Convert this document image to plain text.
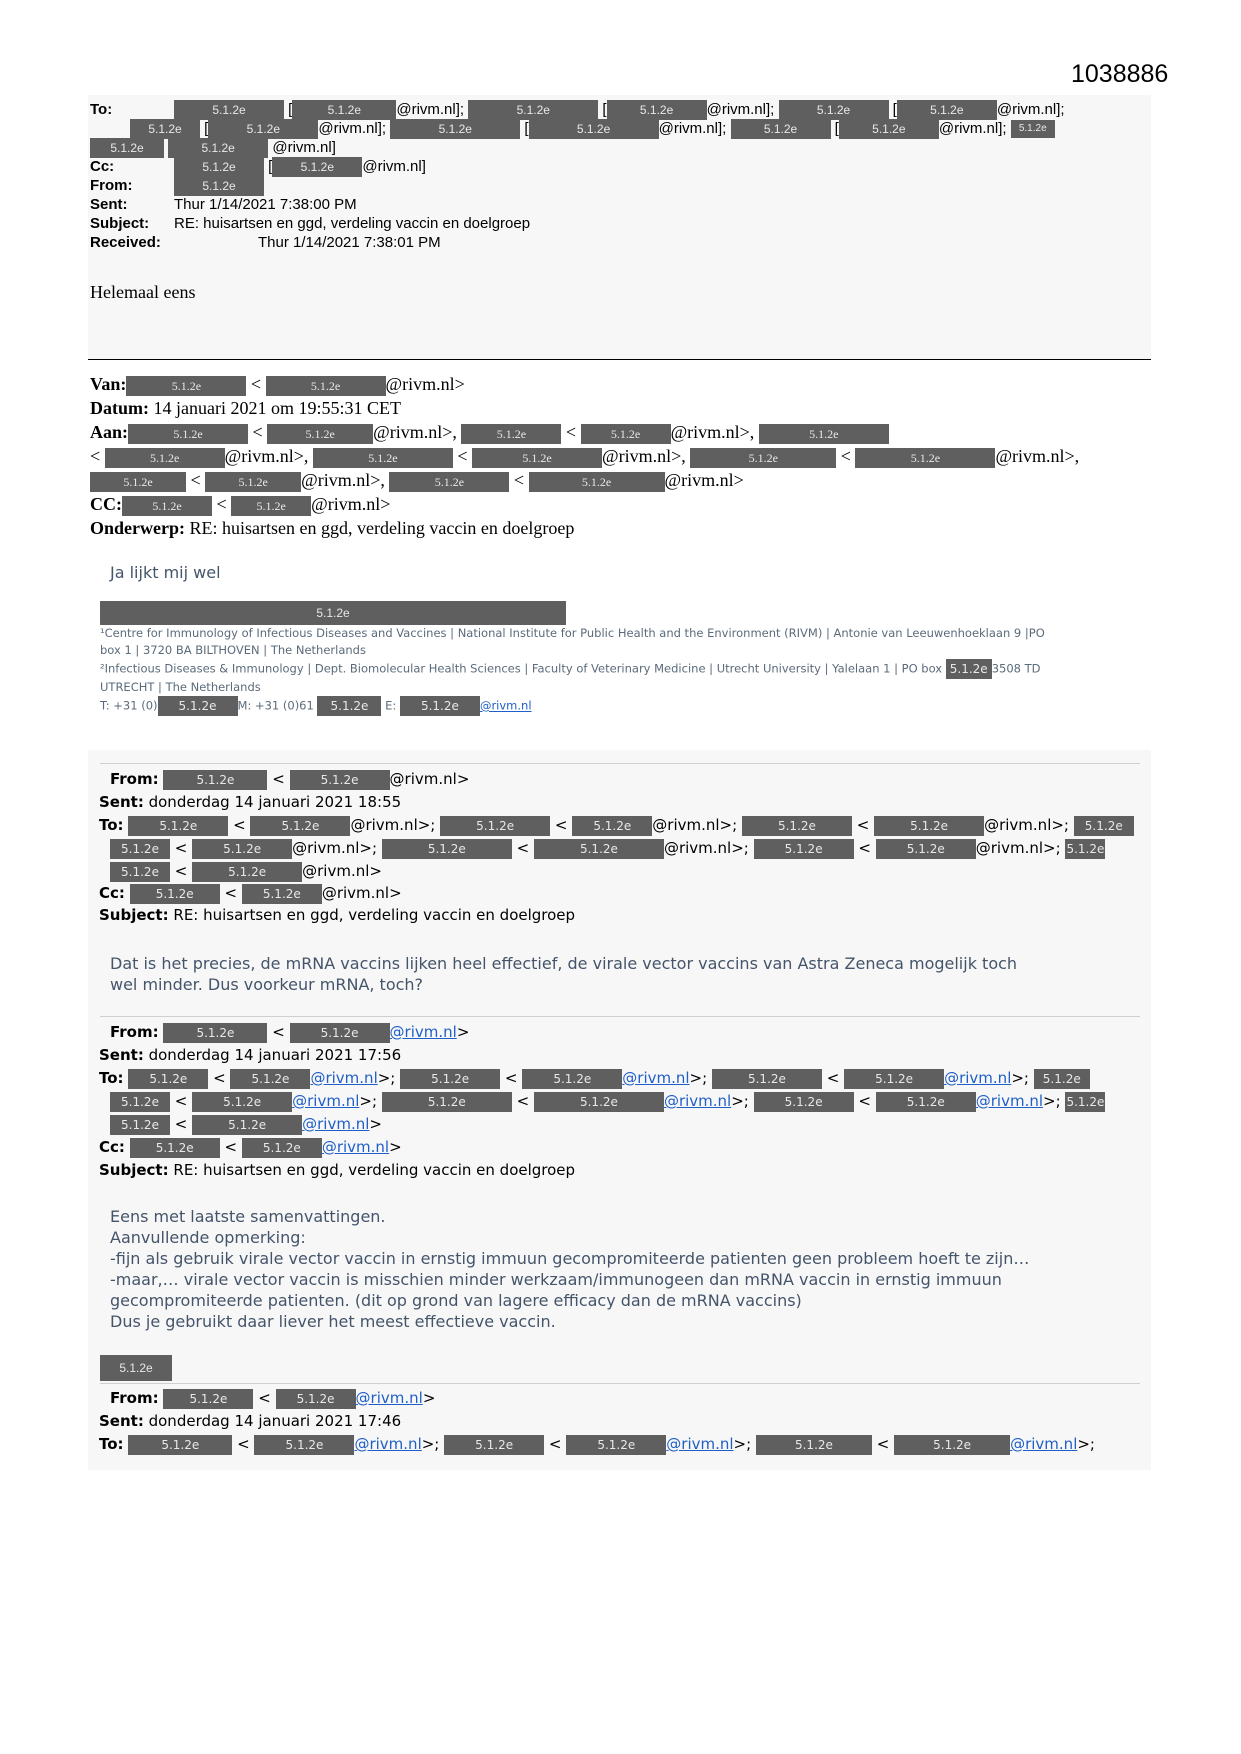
1038886
To:	5.1.2e	[	5.1.2e @rivm.nl];	5.1.2e	[	5.1.2e @rivm.nl];	5.1.2e	[	5.1.2e @rivm.nl];
5.1.2e [	5.1.2e	@rivm.nl];	5.1.2e	[	5.1.2e	@rivm.nl];	5.1.2e [	5.1.2e @rivm.nl]; 5.1.2e
5.1.2e	5.1.2e @rivm.nl]
Cc:	5.1.2e [ 5.1.2e @rivm.nl]
From:	5.1.2e
Sent:	Thur 1/14/2021 7:38:00 PM
Subject: RE: huisartsen en ggd, verdeling vaccin en doelgroep
Received:	Thur 1/14/2021 7:38:01 PM
Helemaal eens
Van:	5.1.2e	<	5.1.2e	@rivm.nl>
Datum: 14 januari 2021 om 19:55:31 CET
Aan:	5.1.2e	<	5.1.2e @rivm.nl>,	5.1.2e <	5.1.2e @rivm.nl>,	5.1.2e
<	5.1.2e	@rivm.nl>,	5.1.2e	<	5.1.2e	@rivm.nl>,	5.1.2e	<	5.1.2e	@rivm.nl>,
5.1.2e <	5.1.2e @rivm.nl>,	5.1.2e	<	5.1.2e	@rivm.nl>
CC:	5.1.2e < 5.1.2e @rivm.nl>
Onderwerp: RE: huisartsen en ggd, verdeling vaccin en doelgroep
Ja lijkt mij wel
5.1.2e
¹Centre for Immunology of Infectious Diseases and Vaccines | National Institute for Public Health and the Environment (RIVM) | Antonie van Leeuwenhoeklaan 9 |PO
box 1 | 3720 BA BILTHOVEN | The Netherlands
²Infectious Diseases & Immunology | Dept. Biomolecular Health Sciences | Faculty of Veterinary Medicine | Utrecht University | Yalelaan 1 | PO box 5.1.2e 3508 TD
UTRECHT | The Netherlands
T: +31 (0) 5.1.2e M: +31 (0)61 5.1.2e E: 5.1.2e @rivm.nl
From:	5.1.2e	<	5.1.2e @rivm.nl>
Sent: donderdag 14 januari 2021 18:55
To:	5.1.2e <	5.1.2e @rivm.nl>;	5.1.2e	< 5.1.2e @rivm.nl>;	5.1.2e	<	5.1.2e @rivm.nl>; 5.1.2e
5.1.2e <	5.1.2e @rivm.nl>;	5.1.2e	<	5.1.2e	@rivm.nl>;	5.1.2e <	5.1.2e @rivm.nl>; 5.1.2e
5.1.2e <	5.1.2e @rivm.nl>
Cc:	5.1.2e < 5.1.2e @rivm.nl>
Subject: RE: huisartsen en ggd, verdeling vaccin en doelgroep
Dat is het precies, de mRNA vaccins lijken heel effectief, de virale vector vaccins van Astra Zeneca mogelijk toch
wel minder. Dus voorkeur mRNA, toch?
From:	5.1.2e	<	5.1.2e @rivm.nl>
Sent: donderdag 14 januari 2021 17:56
To: 5.1.2e < 5.1.2e @rivm.nl>;	5.1.2e <	5.1.2e @rivm.nl>;	5.1.2e	<	5.1.2e @rivm.nl>; 5.1.2e
5.1.2e <	5.1.2e @rivm.nl>;	5.1.2e	<	5.1.2e	@rivm.nl>;	5.1.2e <	5.1.2e @rivm.nl>; 5.1.2e
5.1.2e <	5.1.2e @rivm.nl>
Cc:	5.1.2e < 5.1.2e @rivm.nl>
Subject: RE: huisartsen en ggd, verdeling vaccin en doelgroep
Eens met laatste samenvattingen.
Aanvullende opmerking:
-fijn als gebruik virale vector vaccin in ernstig immuun gecompromiteerde patienten geen probleem hoeft te zijn…
-maar,… virale vector vaccin is misschien minder werkzaam/immunogeen dan mRNA vaccin in ernstig immuun
gecompromiteerde patienten. (dit op grond van lagere efficacy dan de mRNA vaccins)
Dus je gebruikt daar liever het meest effectieve vaccin.
5.1.2e
From:	5.1.2e < 5.1.2e @rivm.nl>
Sent: donderdag 14 januari 2021 17:46
To:	5.1.2e	<	5.1.2e @rivm.nl>;	5.1.2e <	5.1.2e @rivm.nl>;	5.1.2e	<	5.1.2e	@rivm.nl>;
